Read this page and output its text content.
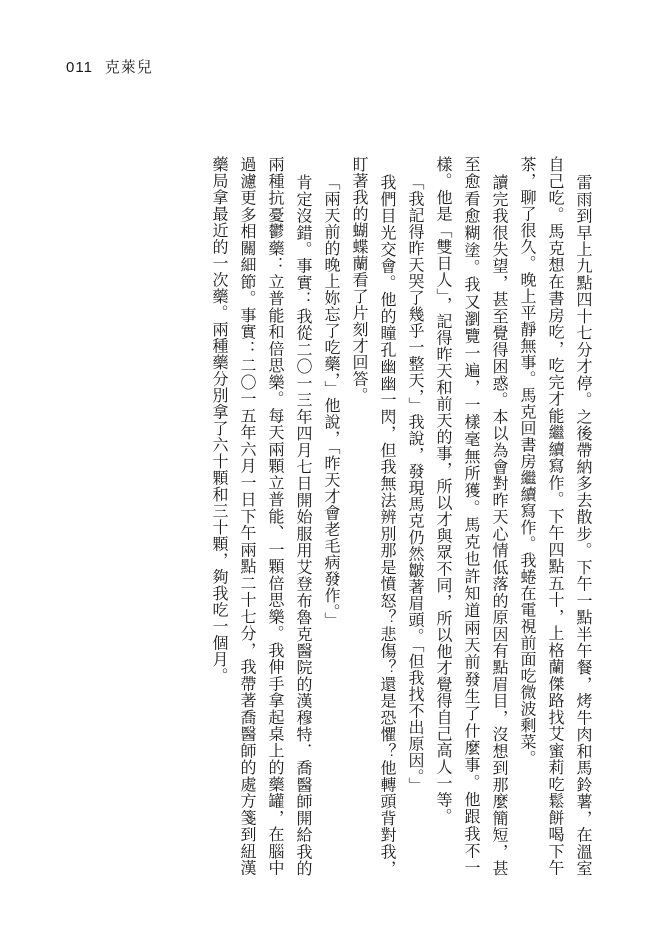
011 克萊兒

雷雨到早上九點四十七分才停。之後帶納多去散步。下午一點半午餐，烤牛肉和馬鈴薯，在溫室自己吃。馬克想在書房吃，吃完才能繼續寫作。下午四點五十，上格蘭傑路找艾蜜莉吃鬆餅喝下午茶，聊了很久。晚上平靜無事。馬克回書房繼續寫作。我蜷在電視前面吃微波剩菜。

讀完我很失望，甚至覺得困惑。本以為會對昨天心情低落的原因有點眉目，沒想到那麼簡短，甚至愈看愈糊塗。我又瀏覽一遍，一樣毫無所獲。馬克也許知道兩天前發生了什麼事。他跟我不一樣。他是「雙日人」，記得昨天和前天的事，所以才與眾不同，所以他才覺得自己高人一等。

「我記得昨天哭了幾乎一整天，」我說，發現馬克仍然皺著眉頭。「但我找不出原因。」

我們目光交會。他的瞳孔幽幽一閃，但我無法辨別那是憤怒？悲傷？還是恐懼？他轉頭背對我，盯著我的蝴蝶蘭看了片刻才回答。

「兩天前的晚上妳忘了吃藥，」他說，「昨天才會老毛病發作。」

肯定沒錯。事實：我從二〇一三年四月七日開始服用艾登布魯克醫院的漢穆特．喬醫師開給我的兩種抗憂鬱藥：立普能和倍思樂。每天兩顆立普能、一顆倍思樂。我伸手拿起桌上的藥罐，在腦中過濾更多相關細節。事實：二〇一五年六月一日下午兩點二十七分，我帶著喬醫師的處方箋到紐漢藥局拿最近的一次藥。兩種藥分別拿了六十顆和三十顆，夠我吃一個月。
